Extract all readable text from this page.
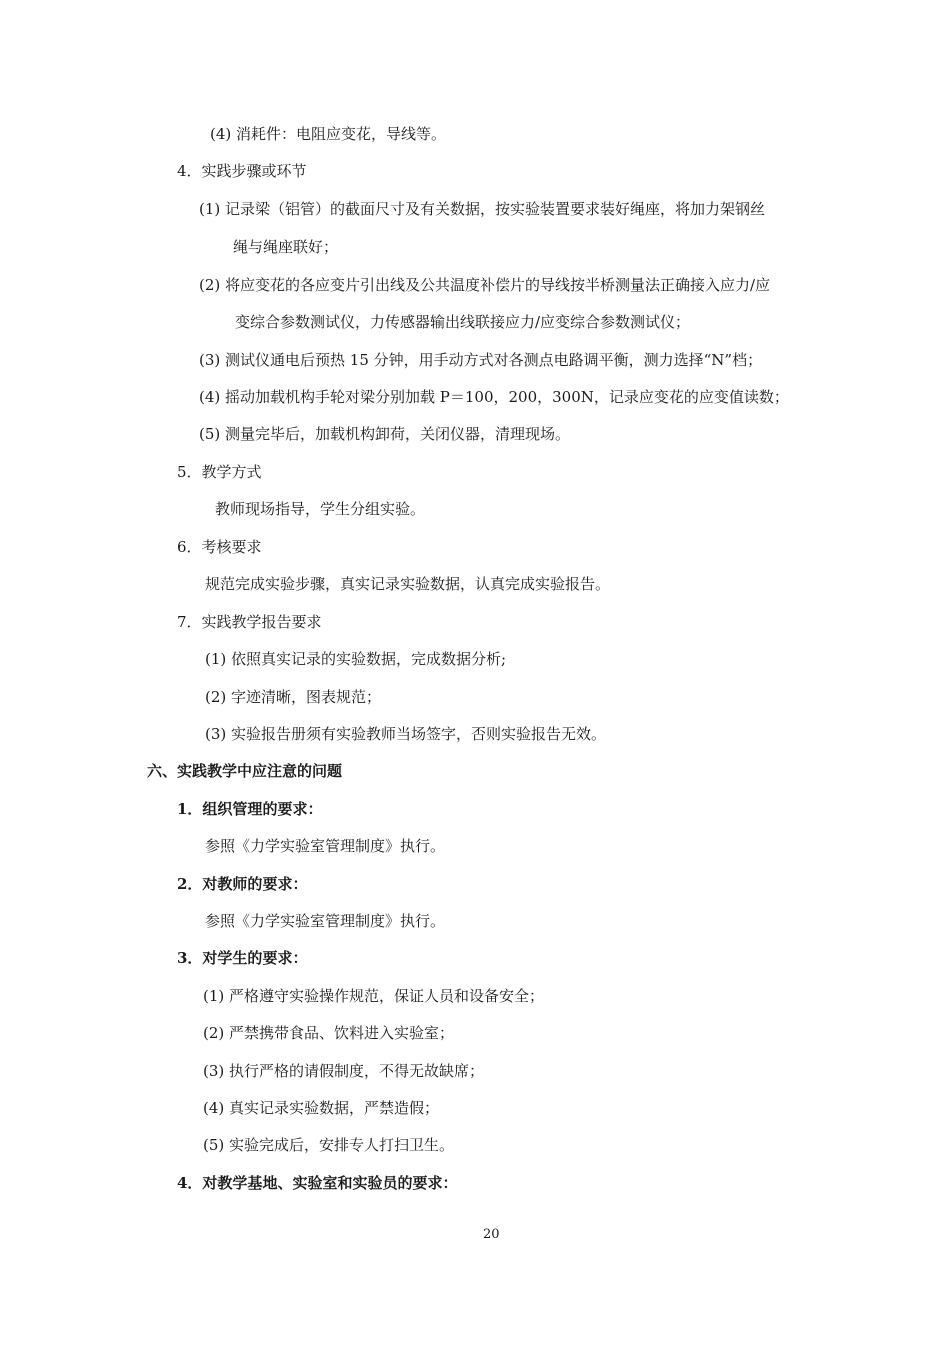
(4) 消耗件：电阻应变花，导线等。
4．实践步骤或环节
(1) 记录梁（铝管）的截面尺寸及有关数据，按实验装置要求装好绳座，将加力架钢丝
绳与绳座联好；
(2) 将应变花的各应变片引出线及公共温度补偿片的导线按半桥测量法正确接入应力/应
变综合参数测试仪，力传感器输出线联接应力/应变综合参数测试仪；
(3) 测试仪通电后预热 15 分钟，用手动方式对各测点电路调平衡，测力选择“N”档；
(4) 摇动加载机构手轮对梁分别加载 P＝100，200，300N，记录应变花的应变值读数；
(5) 测量完毕后，加载机构卸荷，关闭仪器，清理现场。
5．教学方式
教师现场指导，学生分组实验。
6．考核要求
规范完成实验步骤，真实记录实验数据，认真完成实验报告。
7．实践教学报告要求
(1) 依照真实记录的实验数据，完成数据分析;
(2) 字迹清晰，图表规范；
(3) 实验报告册须有实验教师当场签字，否则实验报告无效。
六、实践教学中应注意的问题
1．组织管理的要求：
参照《力学实验室管理制度》执行。
2．对教师的要求：
参照《力学实验室管理制度》执行。
3．对学生的要求：
(1) 严格遵守实验操作规范，保证人员和设备安全；
(2) 严禁携带食品、饮料进入实验室；
(3) 执行严格的请假制度，不得无故缺席；
(4) 真实记录实验数据，严禁造假；
(5) 实验完成后，安排专人打扫卫生。
4．对教学基地、实验室和实验员的要求：
20
